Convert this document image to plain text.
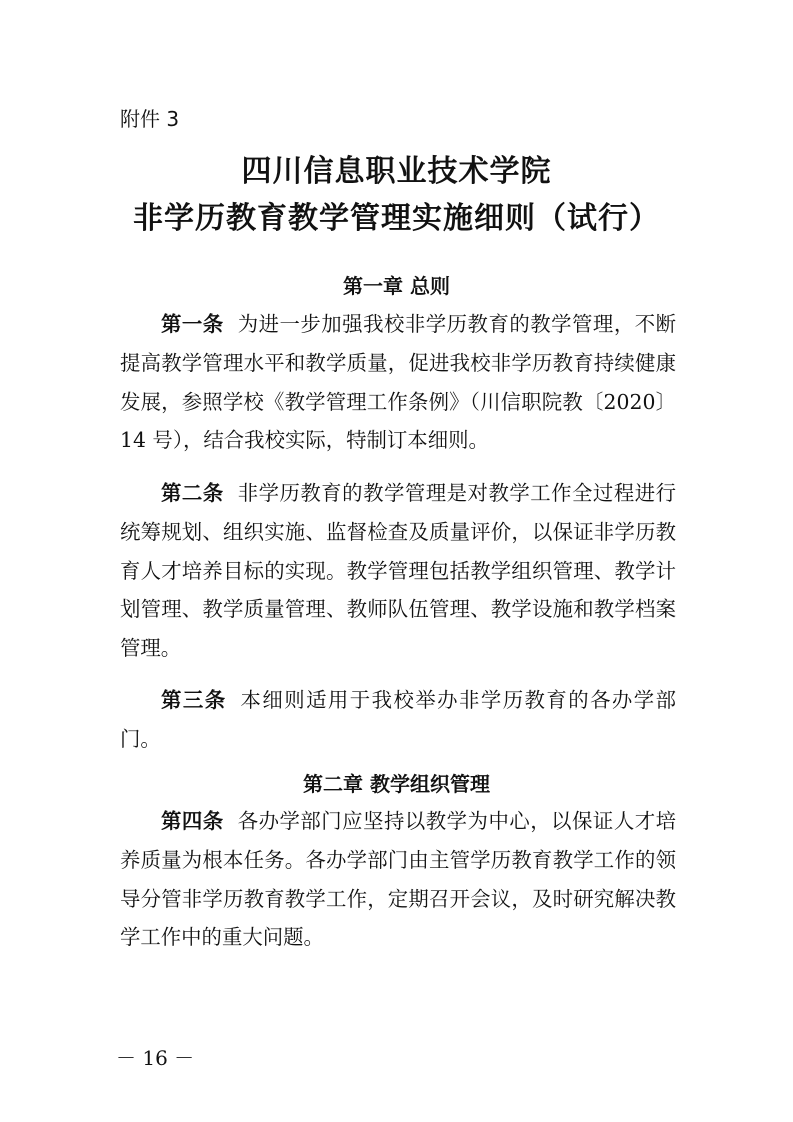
附件 3
四川信息职业技术学院
非学历教育教学管理实施细则（试行）
第一章 总则
第一条 为进一步加强我校非学历教育的教学管理，不断提高教学管理水平和教学质量，促进我校非学历教育持续健康发展，参照学校《教学管理工作条例》（川信职院教〔2020〕14 号），结合我校实际，特制订本细则。
第二条 非学历教育的教学管理是对教学工作全过程进行统筹规划、组织实施、监督检查及质量评价，以保证非学历教育人才培养目标的实现。教学管理包括教学组织管理、教学计划管理、教学质量管理、教师队伍管理、教学设施和教学档案管理。
第三条 本细则适用于我校举办非学历教育的各办学部门。
第二章 教学组织管理
第四条 各办学部门应坚持以教学为中心，以保证人才培养质量为根本任务。各办学部门由主管学历教育教学工作的领导分管非学历教育教学工作，定期召开会议，及时研究解决教学工作中的重大问题。
－ 16 －
